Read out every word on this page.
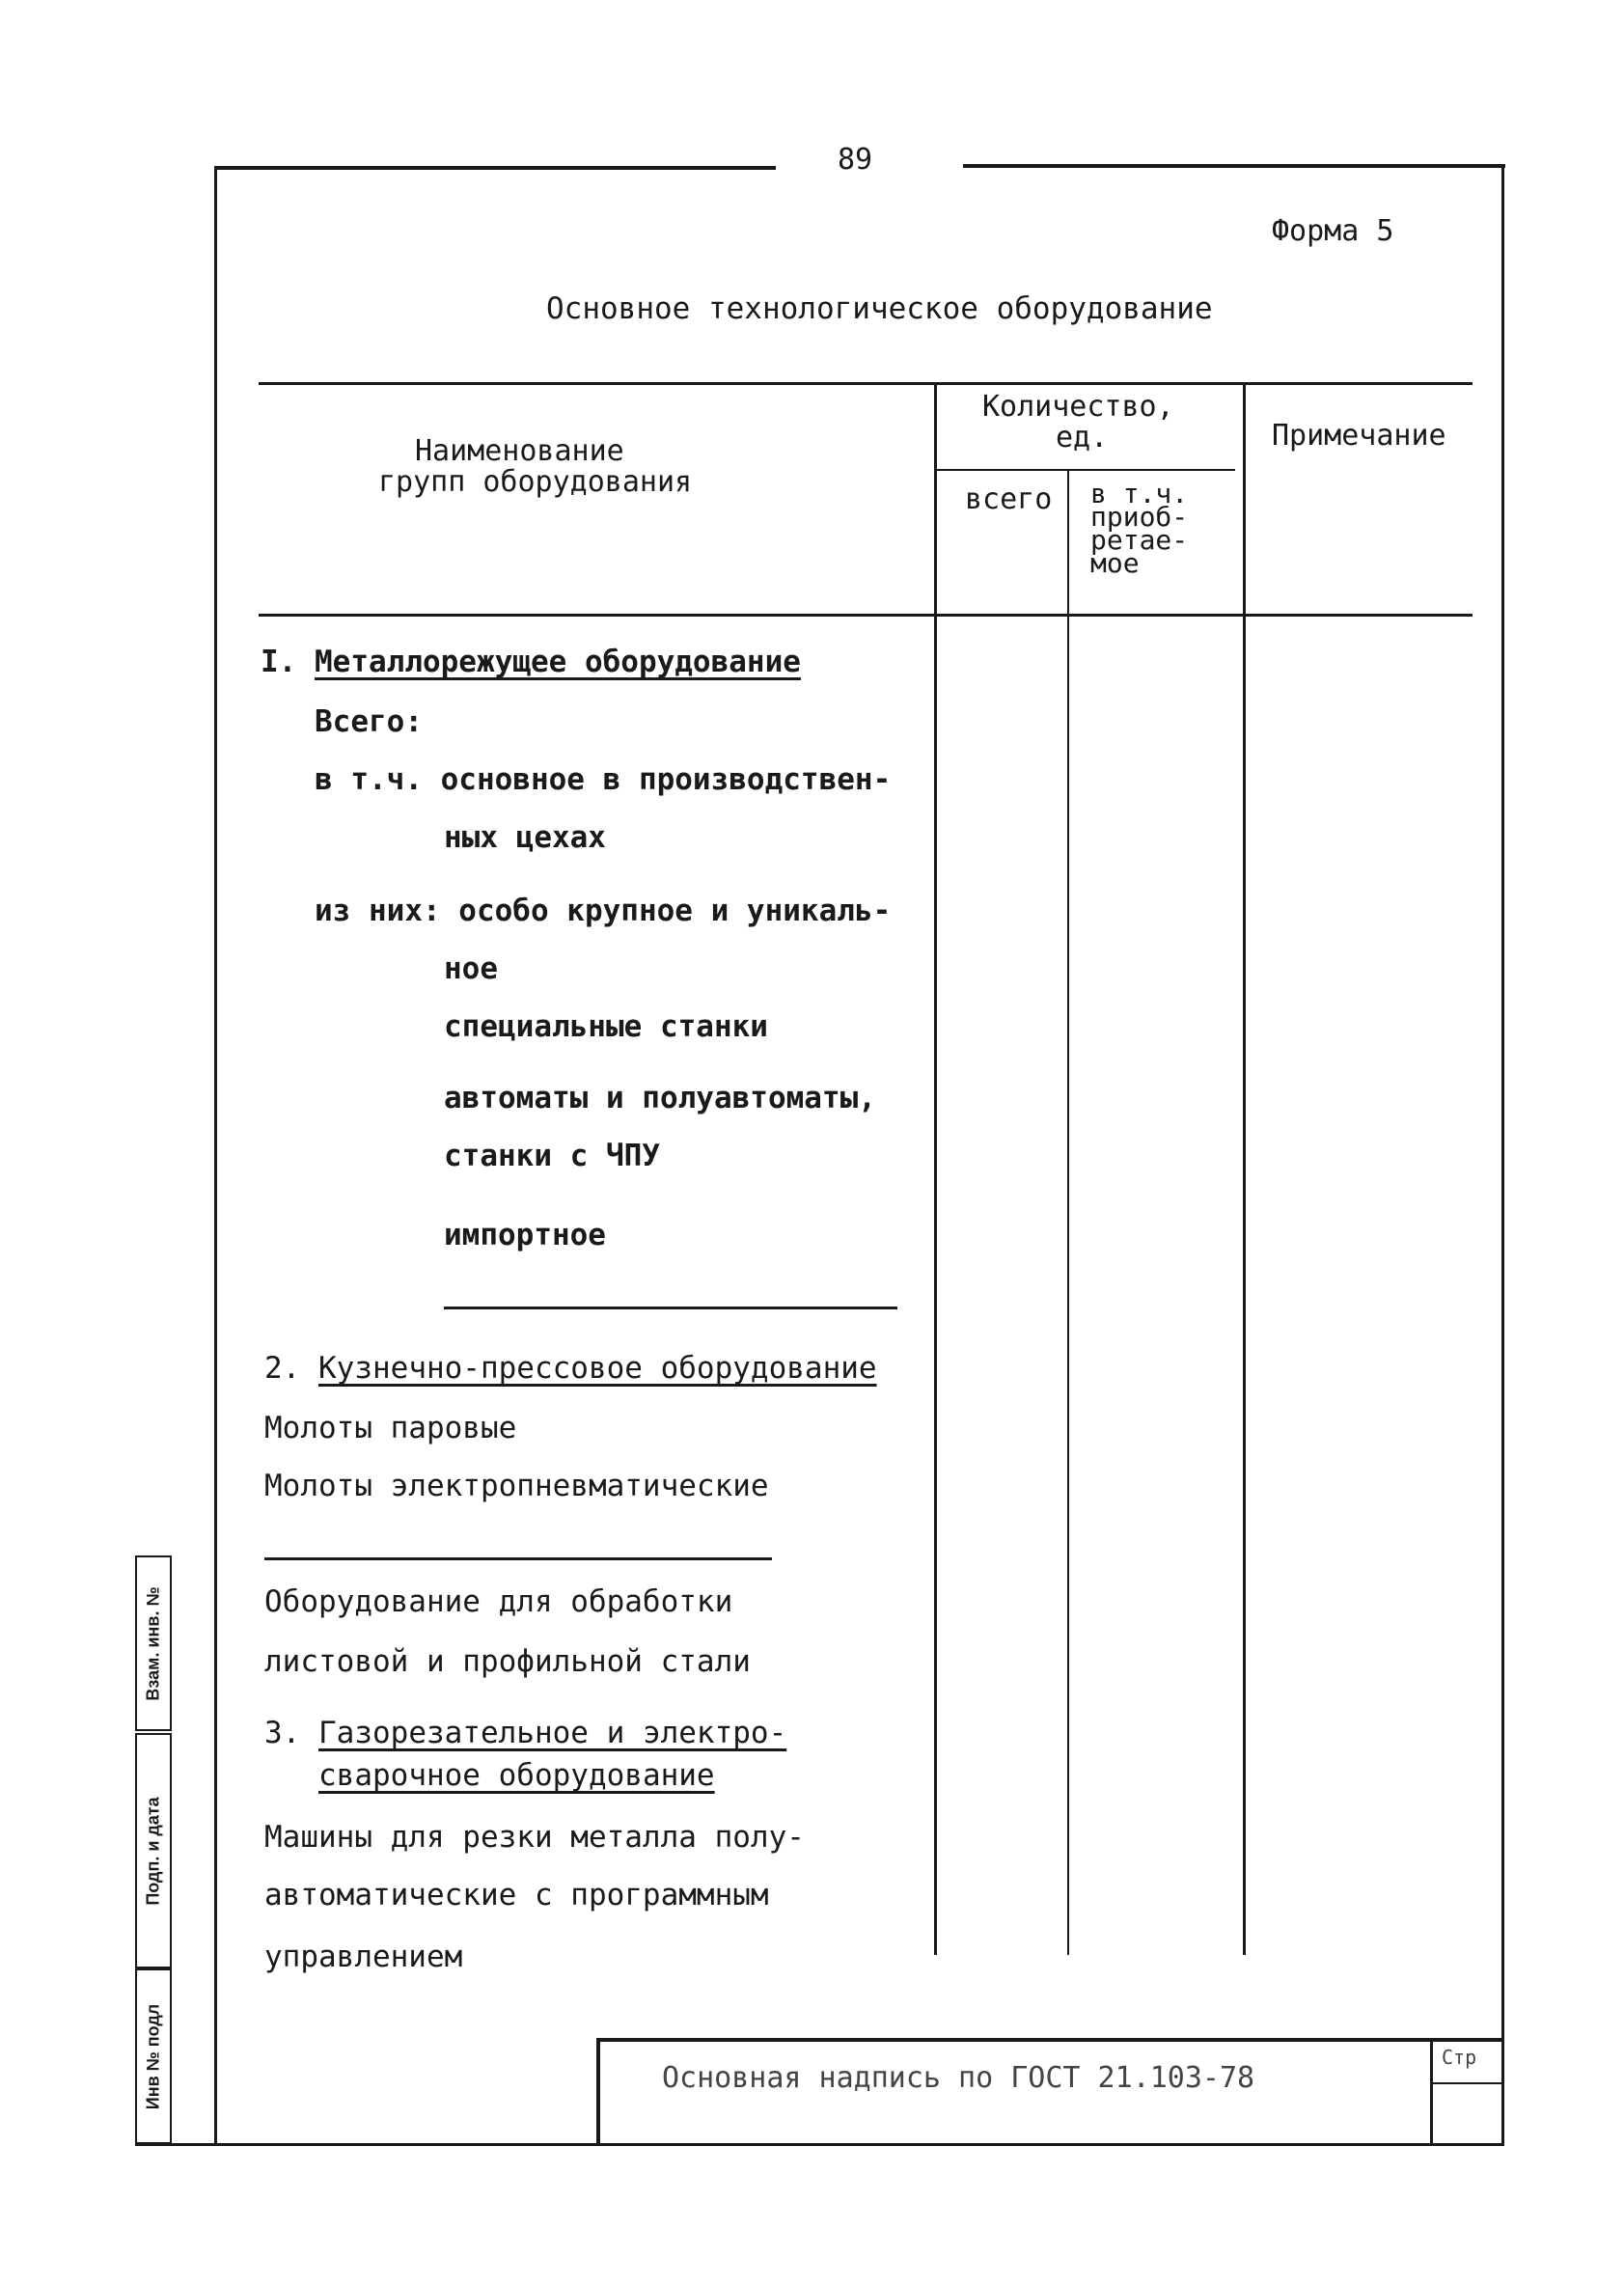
89
Форма 5
Основное технологическое оборудование
Наименование
групп оборудования
Количество,
ед.
всего в т.ч.
приоб-
ретае-
мое
Примечание
I. Металлорежущее оборудование
Всего:
в т.ч. основное в производствен-
ных цехах
из них: особо крупное и уникаль-
ное
специальные станки
автоматы и полуавтоматы,
станки с ЧПУ
импортное
2. Кузнечно-прессовое оборудование
Молоты паровые
Молоты электропневматические
Оборудование для обработки
листовой и профильной стали
3. Газорезательное и электро-
сварочное оборудование
Машины для резки металла полу-
автоматические с программным
управлением
Основная надпись по ГОСТ 21.103-78
Стр
Взам. инв. №
Подп. и дата
Инв № подл
